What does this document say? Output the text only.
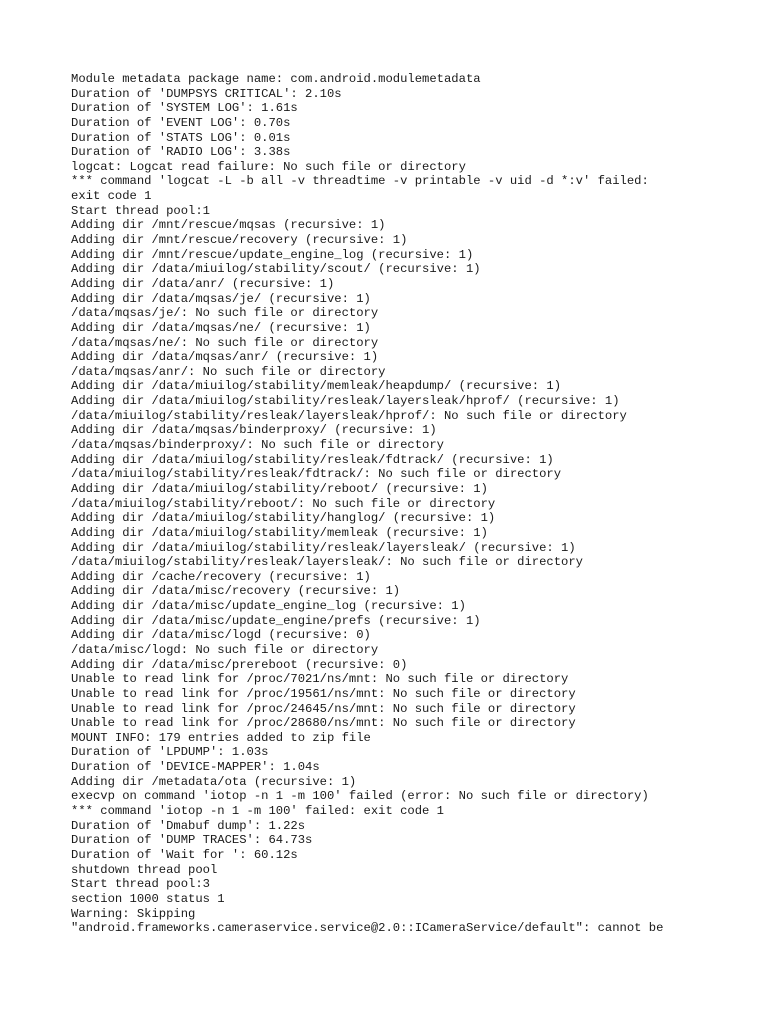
Module metadata package name: com.android.modulemetadata
Duration of 'DUMPSYS CRITICAL': 2.10s
Duration of 'SYSTEM LOG': 1.61s
Duration of 'EVENT LOG': 0.70s
Duration of 'STATS LOG': 0.01s
Duration of 'RADIO LOG': 3.38s
logcat: Logcat read failure: No such file or directory
*** command 'logcat -L -b all -v threadtime -v printable -v uid -d *:v' failed:
exit code 1
Start thread pool:1
Adding dir /mnt/rescue/mqsas (recursive: 1)
Adding dir /mnt/rescue/recovery (recursive: 1)
Adding dir /mnt/rescue/update_engine_log (recursive: 1)
Adding dir /data/miuilog/stability/scout/ (recursive: 1)
Adding dir /data/anr/ (recursive: 1)
Adding dir /data/mqsas/je/ (recursive: 1)
/data/mqsas/je/: No such file or directory
Adding dir /data/mqsas/ne/ (recursive: 1)
/data/mqsas/ne/: No such file or directory
Adding dir /data/mqsas/anr/ (recursive: 1)
/data/mqsas/anr/: No such file or directory
Adding dir /data/miuilog/stability/memleak/heapdump/ (recursive: 1)
Adding dir /data/miuilog/stability/resleak/layersleak/hprof/ (recursive: 1)
/data/miuilog/stability/resleak/layersleak/hprof/: No such file or directory
Adding dir /data/mqsas/binderproxy/ (recursive: 1)
/data/mqsas/binderproxy/: No such file or directory
Adding dir /data/miuilog/stability/resleak/fdtrack/ (recursive: 1)
/data/miuilog/stability/resleak/fdtrack/: No such file or directory
Adding dir /data/miuilog/stability/reboot/ (recursive: 1)
/data/miuilog/stability/reboot/: No such file or directory
Adding dir /data/miuilog/stability/hanglog/ (recursive: 1)
Adding dir /data/miuilog/stability/memleak (recursive: 1)
Adding dir /data/miuilog/stability/resleak/layersleak/ (recursive: 1)
/data/miuilog/stability/resleak/layersleak/: No such file or directory
Adding dir /cache/recovery (recursive: 1)
Adding dir /data/misc/recovery (recursive: 1)
Adding dir /data/misc/update_engine_log (recursive: 1)
Adding dir /data/misc/update_engine/prefs (recursive: 1)
Adding dir /data/misc/logd (recursive: 0)
/data/misc/logd: No such file or directory
Adding dir /data/misc/prereboot (recursive: 0)
Unable to read link for /proc/7021/ns/mnt: No such file or directory
Unable to read link for /proc/19561/ns/mnt: No such file or directory
Unable to read link for /proc/24645/ns/mnt: No such file or directory
Unable to read link for /proc/28680/ns/mnt: No such file or directory
MOUNT INFO: 179 entries added to zip file
Duration of 'LPDUMP': 1.03s
Duration of 'DEVICE-MAPPER': 1.04s
Adding dir /metadata/ota (recursive: 1)
execvp on command 'iotop -n 1 -m 100' failed (error: No such file or directory)
*** command 'iotop -n 1 -m 100' failed: exit code 1
Duration of 'Dmabuf dump': 1.22s
Duration of 'DUMP TRACES': 64.73s
Duration of 'Wait for ': 60.12s
shutdown thread pool
Start thread pool:3
section 1000 status 1
Warning: Skipping
"android.frameworks.cameraservice.service@2.0::ICameraService/default": cannot be
